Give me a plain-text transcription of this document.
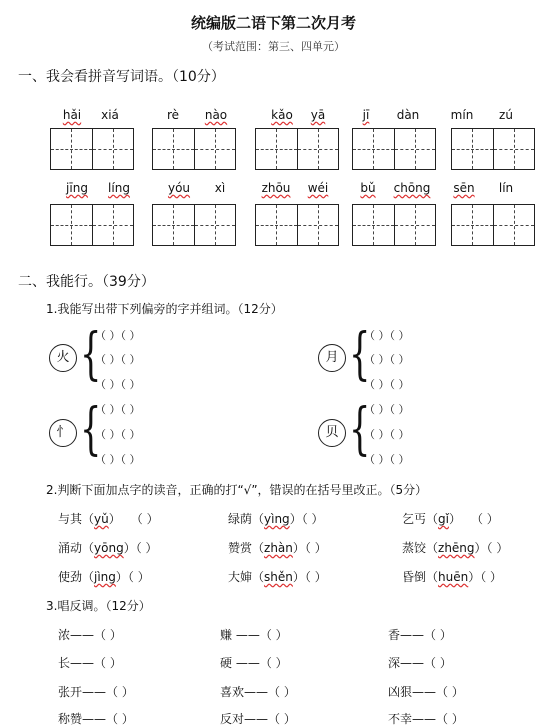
统编版二语下第二次月考
（考试范围：第三、四单元）
一、我会看拼音写词语。（10分）
hǎi	xiá	rè	nào	kǎo	yā	jī	dàn	mín	zú
jīng	líng	yóu	xì	zhōu	wéi	bǔ	chōng	sēn	lín
二、我能行。（39分）
1.我能写出带下列偏旁的字并组词。（12分）
火 {
（ ）（ ）
（ ）（ ）
（ ）（ ）
月 {
（ ）（ ）
（ ）（ ）
（ ）（ ）
忄 {
（ ）（ ）
（ ）（ ）
（ ）（ ）
贝 {
（ ）（ ）
（ ）（ ）
（ ）（ ）
2.判断下面加点字的读音，正确的打“√”，错误的在括号里改正。（5分）
与其（yǔ） （ ）	绿荫（yìng）（ ）	乞丐（gǐ） （ ）
涌动（yōng）（ ）	赞赏（zhàn）（ ）	蒸饺（zhēng）（ ）
使劲（jìng）（ ）	大婶（shěn）（ ）	昏倒（huēn）（ ）
3.唱反调。（12分）
浓——（ ）	赚 ——（ ）	香——（ ）
长——（ ）	硬 ——（ ）	深——（ ）
张开——（ ）	喜欢——（ ）	凶狠——（ ）
称赞——（ ）	反对——（ ）	不幸——（ ）
